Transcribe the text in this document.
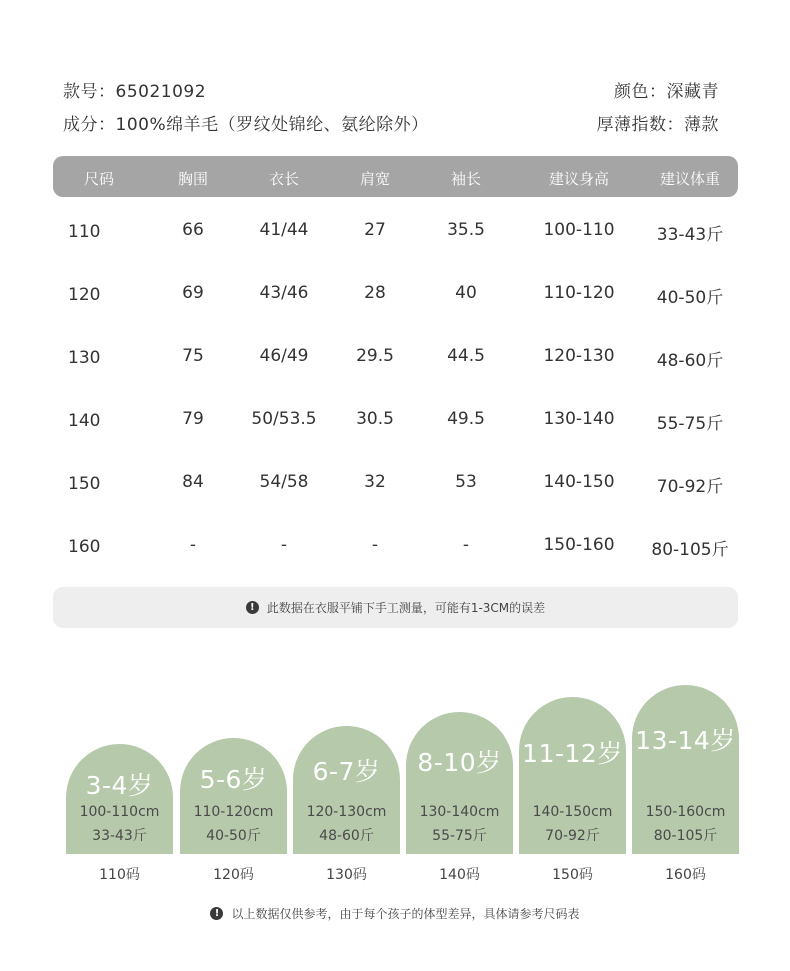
款号：65021092	颜色：深藏青
成分：100%绵羊毛（罗纹处锦纶、氨纶除外）	厚薄指数：薄款
尺码	胸围	衣长	肩宽	袖长	建议身高	建议体重
110	66	41/44	27	35.5	100-110 33-43斤
120	69	43/46	28	40	110-120 40-50斤
130	75	46/49	29.5	44.5	120-130 48-60斤
140	79	50/53.5 30.5	49.5	130-140 55-75斤
150	84	54/58	32	53	140-150 70-92斤
160	-	-	-	-	150-160 80-105斤
!	此数据在衣服平铺下手工测量，可能有1-3CM的误差
3-4岁
100-110cm
33-43斤
110码
5-6岁
110-120cm
40-50斤
120码
6-7岁
120-130cm
48-60斤
130码
8-10岁
130-140cm
55-75斤
140码
11-12岁
140-150cm
70-92斤
150码
13-14岁
150-160cm
80-105斤
160码
!	以上数据仅供参考，由于每个孩子的体型差异，具体请参考尺码表
